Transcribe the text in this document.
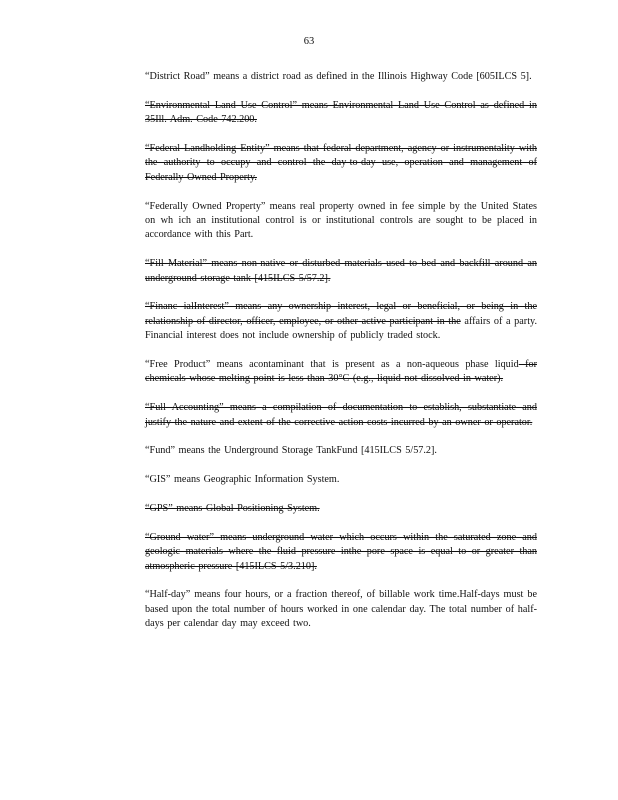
63

“District Road” means a district road as defined in the Illinois Highway Code [605ILCS 5].

“Environmental Land Use Control” means Environmental Land Use Control as defined in 35Ill. Adm. Code 742.200.

“Federal Landholding Entity” means that federal department, agency or instrumentality with the authority to occupy and control the day-to-day use, operation and management of Federally Owned Property.

“Federally Owned Property” means real property owned in fee simple by the United States on wh ich an institutional control is or institutional controls are sought to be placed in accordance with this Part.

“Fill Material” means non-native or disturbed materials used to bed and backfill around an underground storage tank [415ILCS 5/57.2].

“Financ ialInterest” means any ownership interest, legal or beneficial, or being in the relationship of director, officer, employee, or other active participant in the affairs of a party. Financial interest does not include ownership of publicly traded stock.

“Free Product” means acontaminant that is present as a non-aqueous phase liquid for chemicals whose melting point is less than 30°C (e.g., liquid not dissolved in water).

“Full Accounting” means a compilation of documentation to establish, substantiate and justify the nature and extent of the corrective action costs incurred by an owner or operator.

“Fund” means the Underground Storage TankFund [415ILCS 5/57.2].

“GIS” means Geographic Information System.

“GPS” means Global Positioning System.

“Ground water” means underground water which occurs within the saturated zone and geologic materials where the fluid pressure inthe pore space is equal to or greater than atmospheric pressure [415ILCS 5/3.210].

“Half-day” means four hours, or a fraction thereof, of billable work time.Half-days must be based upon the total number of hours worked in one calendar day. The total number of half-days per calendar day may exceed two.
